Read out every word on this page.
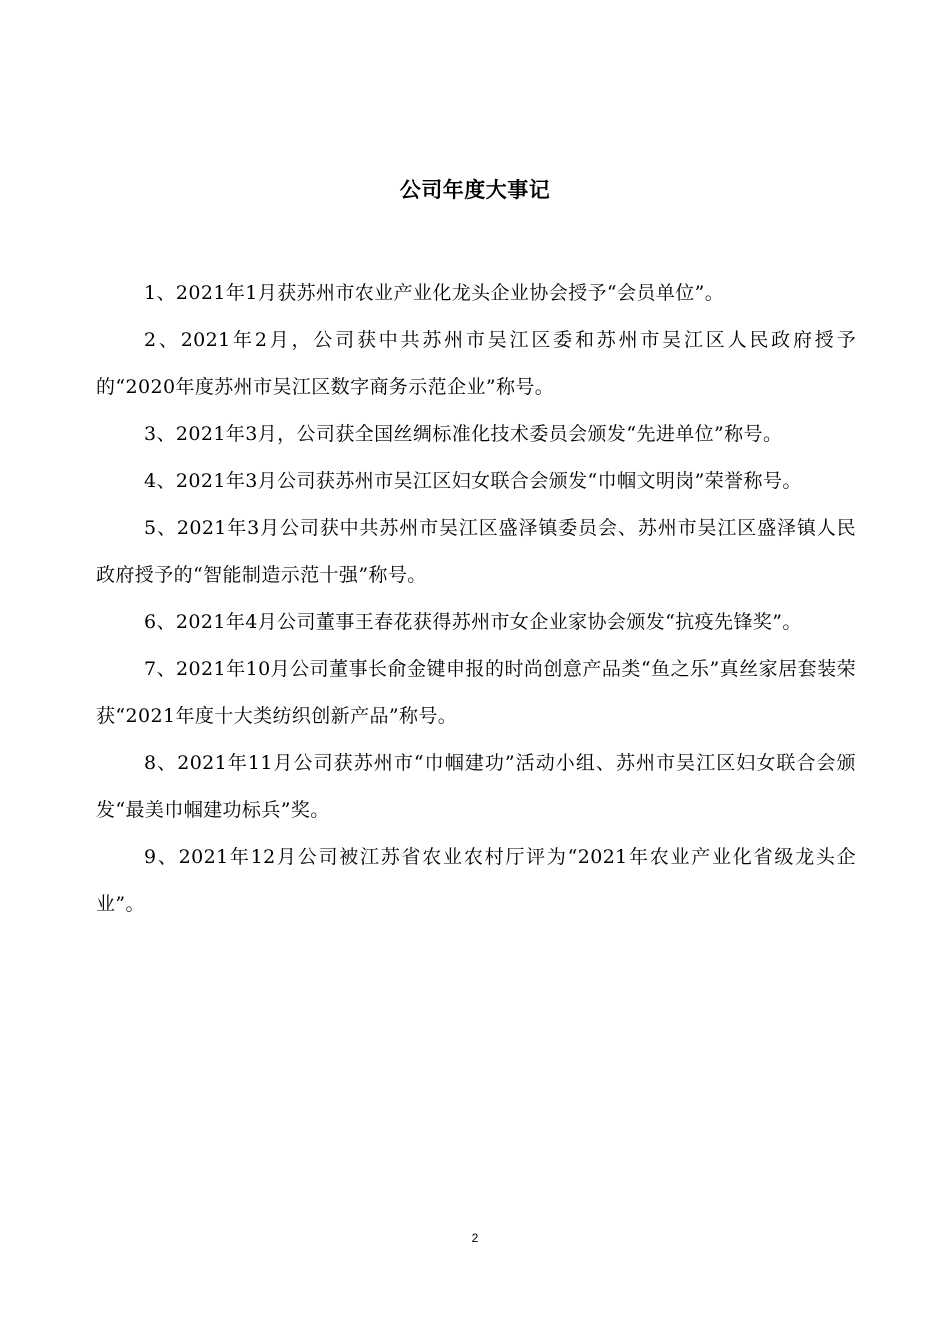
公司年度大事记

1、2021年1月获苏州市农业产业化龙头企业协会授予“会员单位”。

2、2021年2月，公司获中共苏州市吴江区委和苏州市吴江区人民政府授予的“2020年度苏州市吴江区数字商务示范企业”称号。

3、2021年3月，公司获全国丝绸标准化技术委员会颁发“先进单位”称号。

4、2021年3月公司获苏州市吴江区妇女联合会颁发“巾帼文明岗”荣誉称号。

5、2021年3月公司获中共苏州市吴江区盛泽镇委员会、苏州市吴江区盛泽镇人民政府授予的“智能制造示范十强”称号。

6、2021年4月公司董事王春花获得苏州市女企业家协会颁发“抗疫先锋奖”。

7、2021年10月公司董事长俞金键申报的时尚创意产品类“鱼之乐”真丝家居套装荣获“2021年度十大类纺织创新产品”称号。

8、2021年11月公司获苏州市“巾帼建功”活动小组、苏州市吴江区妇女联合会颁发“最美巾帼建功标兵”奖。

9、2021年12月公司被江苏省农业农村厅评为“2021年农业产业化省级龙头企业”。

2
